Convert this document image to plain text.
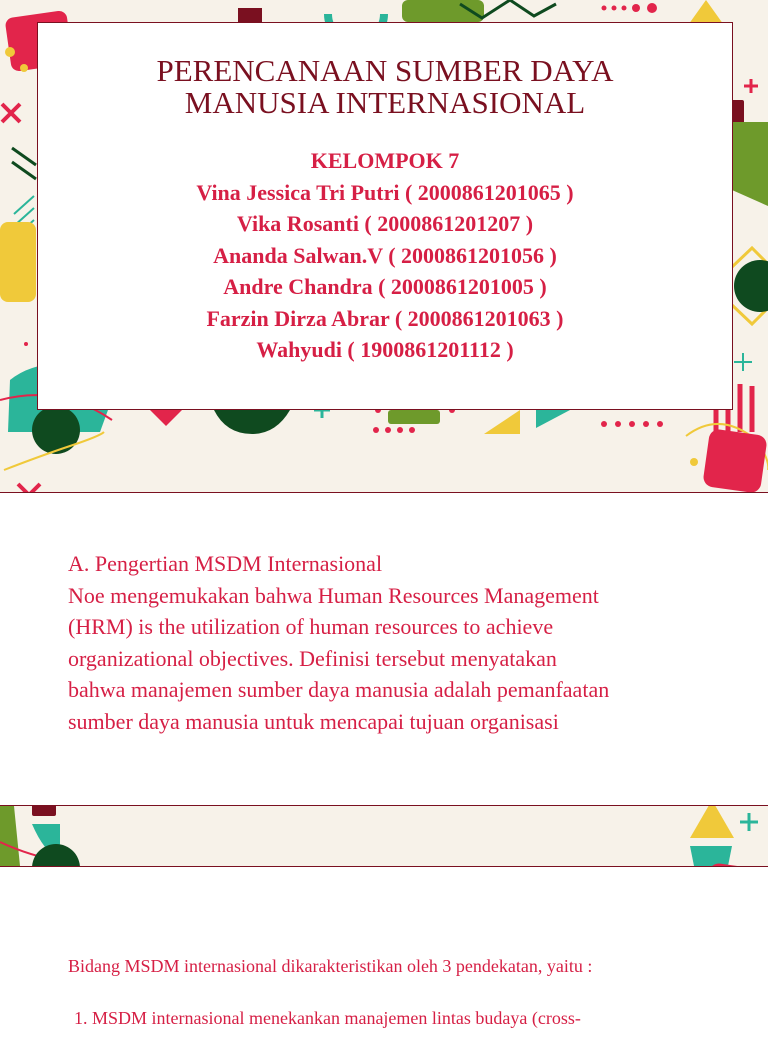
PERENCANAAN SUMBER DAYA
MANUSIA INTERNASIONAL
KELOMPOK 7
Vina Jessica Tri Putri ( 2000861201065 )
Vika Rosanti ( 2000861201207 )
Ananda Salwan.V ( 2000861201056 )
Andre Chandra ( 2000861201005 )
Farzin Dirza Abrar ( 2000861201063 )
Wahyudi ( 1900861201112 )
A. Pengertian MSDM Internasional
Noe mengemukakan bahwa Human Resources Management
(HRM) is the utilization of human resources to achieve
organizational objectives. Definisi tersebut menyatakan
bahwa manajemen sumber daya manusia adalah pemanfaatan
sumber daya manusia untuk mencapai tujuan organisasi
Bidang MSDM internasional dikarakteristikan oleh 3 pendekatan, yaitu :
1. MSDM internasional menekankan manajemen lintas budaya (cross-
